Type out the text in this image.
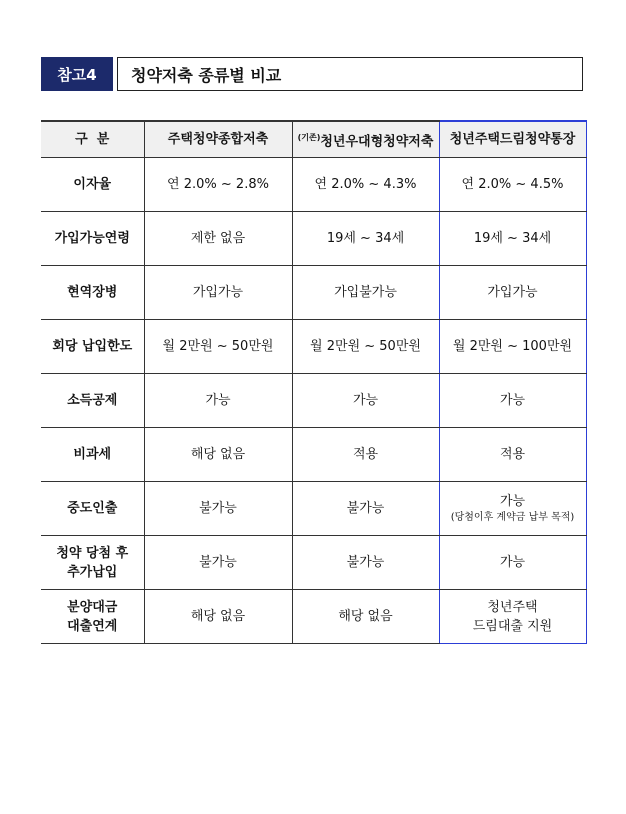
참고4	청약저축 종류별 비교
구  분	주택청약종합저축	$^{(기존)}$청년우대형청약저축	청년주택드림청약통장
이자율	연 2.0% ~ 2.8%	연 2.0% ~ 4.3%	연 2.0% ~ 4.5%
가입가능연령	제한 없음	19세 ~ 34세	19세 ~ 34세
현역장병	가입가능	가입불가능	가입가능
회당 납입한도	월 2만원 ~ 50만원	월 2만원 ~ 50만원	월 2만원 ~ 100만원
소득공제	가능	가능	가능
비과세	해당 없음	적용	적용
중도인출	불가능	불가능	가능
(당첨이후 계약금 납부 목적)

청약 당첨 후
추가납입	불가능	불가능	가능

분양대금
대출연계	해당 없음	해당 없음	청년주택
드림대출 지원
